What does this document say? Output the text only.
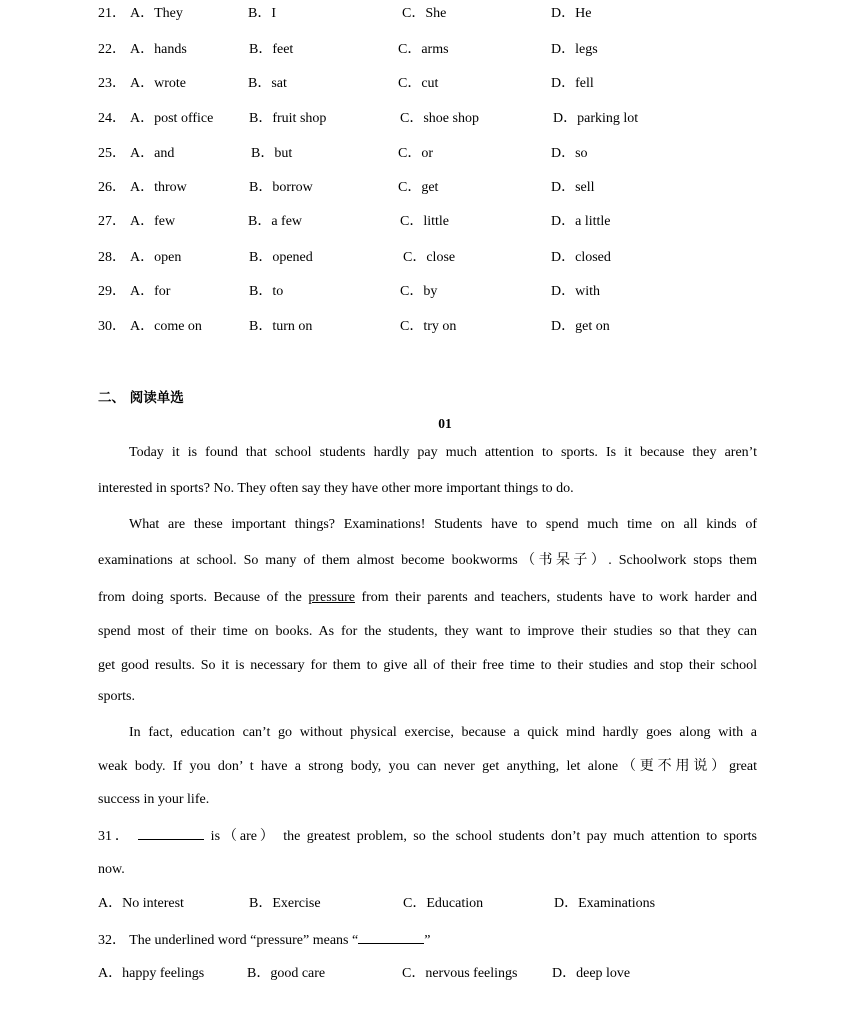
21． A．They	B．I	C．She	D．He
22． A．hands	B．feet	C．arms	D．legs
23． A．wrote	B．sat	C．cut	D．fell
24． A．post office	B．fruit shop	C．shoe shop	D．parking lot
25． A．and	B．but	C．or	D．so
26． A．throw	B．borrow	C．get	D．sell
27． A．few	B．a few	C．little	D．a little
28． A．open	B．opened	C．close	D．closed
29． A．for	B．to	C．by	D．with
30． A．come on	B．turn on	C．try on	D．get on
二、 阅读单选
01
Today it is found that school students hardly pay much attention to sports. Is it because they aren’t
interested in sports? No. They often say they have other more important things to do.
What are these important things? Examinations! Students have to spend much time on all kinds of
examinations at school. So many of them almost become bookworms（书呆子）. Schoolwork stops them
from doing sports. Because of the pressure from their parents and teachers, students have to work harder and
spend most of their time on books. As for the students, they want to improve their studies so that they can
get good results. So it is necessary for them to give all of their free time to their studies and stop their school
sports.
In fact, education can’t go without physical exercise, because a quick mind hardly goes along with a
weak body. If you don’ t have a strong body, you can never get anything, let alone（更不用说）great
success in your life.
31．	is（are） the greatest problem, so the school students don’t pay much attention to sports
now.
A．No interest	B．Exercise	C．Education	D．Examinations
32． The underlined word “pressure” means “	”
A．happy feelings	B．good care	C．nervous feelings D．deep love
